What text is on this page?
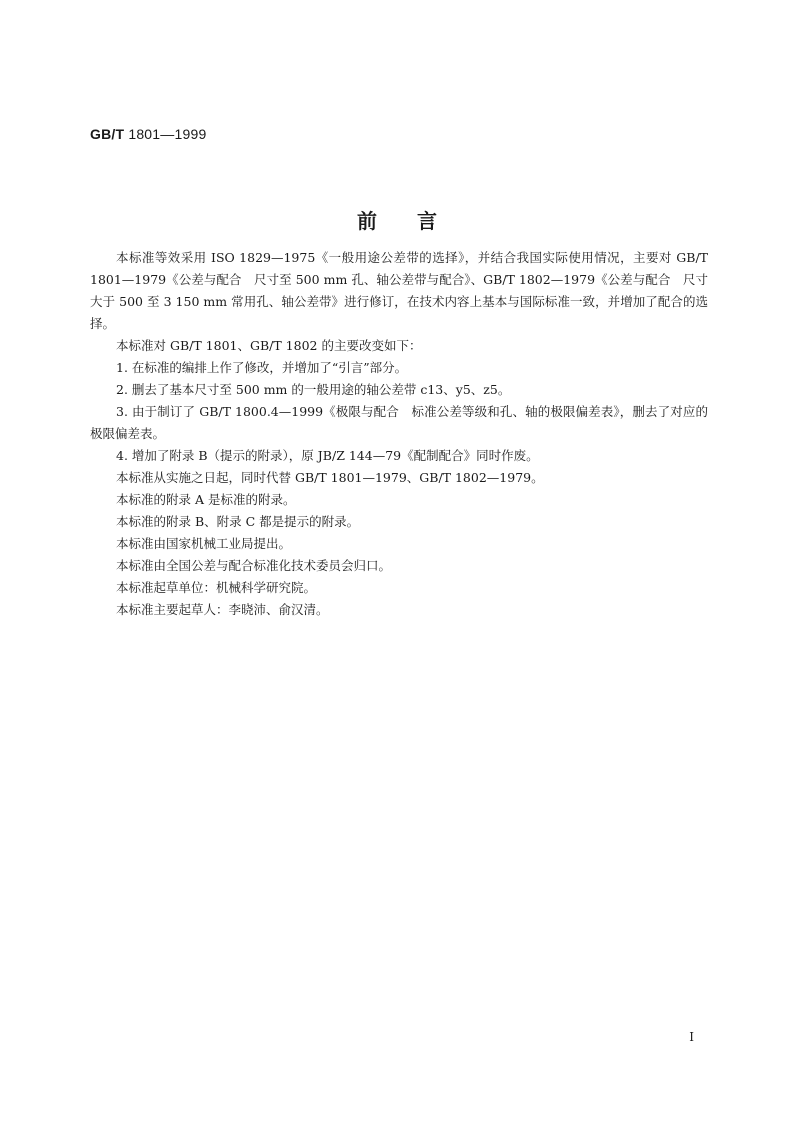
GB/T 1801—1999
前言

本标准等效采用 ISO 1829—1975《一般用途公差带的选择》，并结合我国实际使用情况，主要对 GB/T 1801—1979《公差与配合　尺寸至 500 mm 孔、轴公差带与配合》、GB/T 1802—1979《公差与配合　尺寸大于 500 至 3 150 mm 常用孔、轴公差带》进行修订，在技术内容上基本与国际标准一致，并增加了配合的选择。

本标准对 GB/T 1801、GB/T 1802 的主要改变如下：

1. 在标准的编排上作了修改，并增加了“引言”部分。

2. 删去了基本尺寸至 500 mm 的一般用途的轴公差带 c13、y5、z5。

3. 由于制订了 GB/T 1800.4—1999《极限与配合　标准公差等级和孔、轴的极限偏差表》，删去了对应的极限偏差表。

4. 增加了附录 B（提示的附录），原 JB/Z 144—79《配制配合》同时作废。

本标准从实施之日起，同时代替 GB/T 1801—1979、GB/T 1802—1979。

本标准的附录 A 是标准的附录。

本标准的附录 B、附录 C 都是提示的附录。

本标准由国家机械工业局提出。

本标准由全国公差与配合标准化技术委员会归口。

本标准起草单位：机械科学研究院。

本标准主要起草人：李晓沛、俞汉清。

I
